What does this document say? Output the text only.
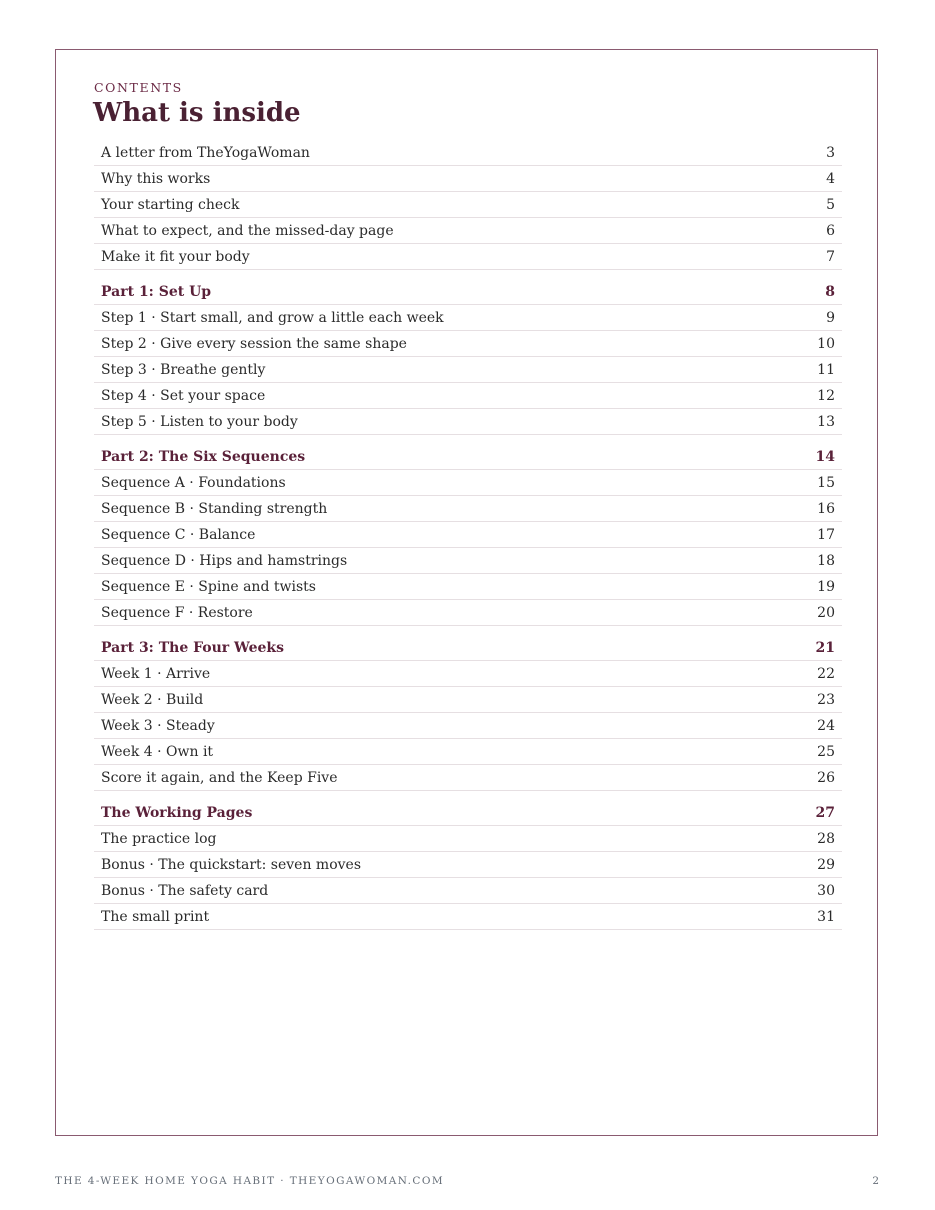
CONTENTS
What is inside
A letter from TheYogaWoman	3
Why this works	4
Your starting check	5
What to expect, and the missed-day page	6
Make it fit your body	7
Part 1: Set Up	8
Step 1 · Start small, and grow a little each week	9
Step 2 · Give every session the same shape	10
Step 3 · Breathe gently	11
Step 4 · Set your space	12
Step 5 · Listen to your body	13
Part 2: The Six Sequences	14
Sequence A · Foundations	15
Sequence B · Standing strength	16
Sequence C · Balance	17
Sequence D · Hips and hamstrings	18
Sequence E · Spine and twists	19
Sequence F · Restore	20
Part 3: The Four Weeks	21
Week 1 · Arrive	22
Week 2 · Build	23
Week 3 · Steady	24
Week 4 · Own it	25
Score it again, and the Keep Five	26
The Working Pages	27
The practice log	28
Bonus · The quickstart: seven moves	29
Bonus · The safety card	30
The small print	31
THE 4-WEEK HOME YOGA HABIT · THEYOGAWOMAN.COM	2
